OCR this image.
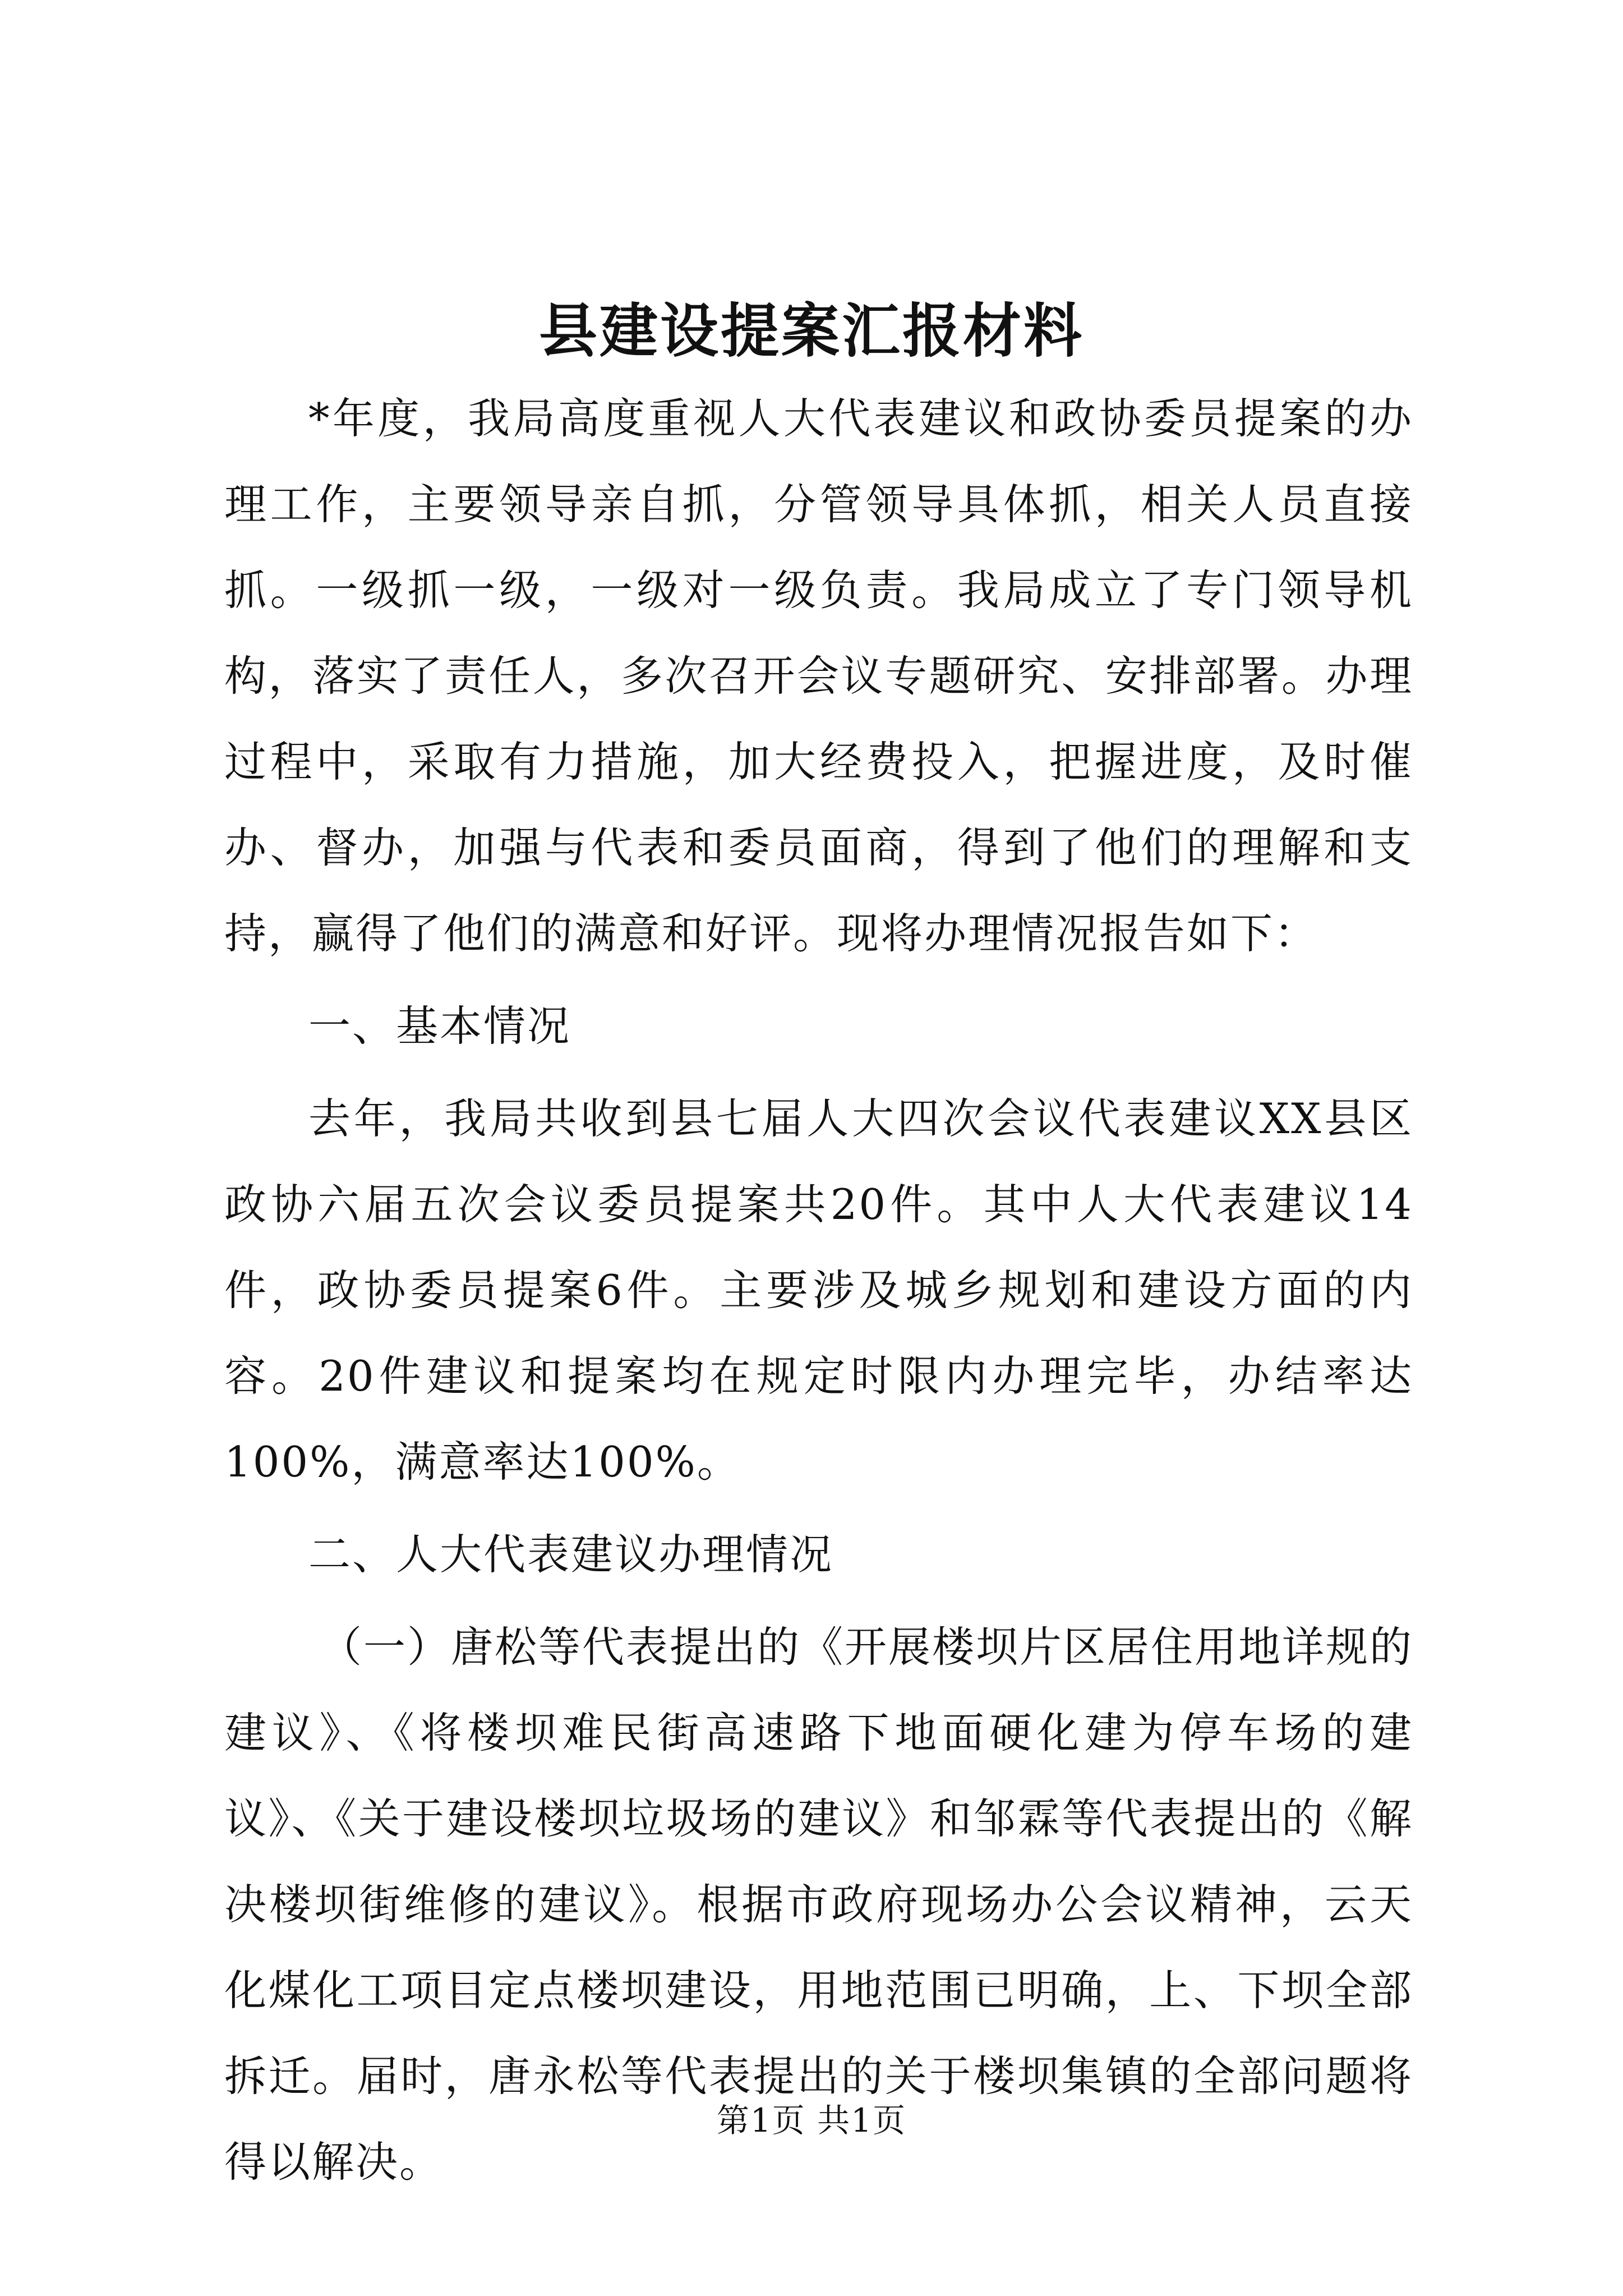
县建设提案汇报材料

*年度，我局高度重视人大代表建议和政协委员提案的办理工作，主要领导亲自抓，分管领导具体抓，相关人员直接抓。一级抓一级，一级对一级负责。我局成立了专门领导机构，落实了责任人，多次召开会议专题研究、安排部署。办理过程中，采取有力措施，加大经费投入，把握进度，及时催办、督办，加强与代表和委员面商，得到了他们的理解和支持，赢得了他们的满意和好评。现将办理情况报告如下：

一、基本情况

去年，我局共收到县七届人大四次会议代表建议XX县区政协六届五次会议委员提案共20件。其中人大代表建议14件，政协委员提案6件。主要涉及城乡规划和建设方面的内容。20件建议和提案均在规定时限内办理完毕，办结率达100%，满意率达100%。

二、人大代表建议办理情况

（一）唐松等代表提出的《开展楼坝片区居住用地详规的建议》、《将楼坝难民街高速路下地面硬化建为停车场的建议》、《关于建设楼坝垃圾场的建议》和邹霖等代表提出的《解决楼坝街维修的建议》。根据市政府现场办公会议精神，云天化煤化工项目定点楼坝建设，用地范围已明确，上、下坝全部拆迁。届时，唐永松等代表提出的关于楼坝集镇的全部问题将得以解决。

第1页 共1页
